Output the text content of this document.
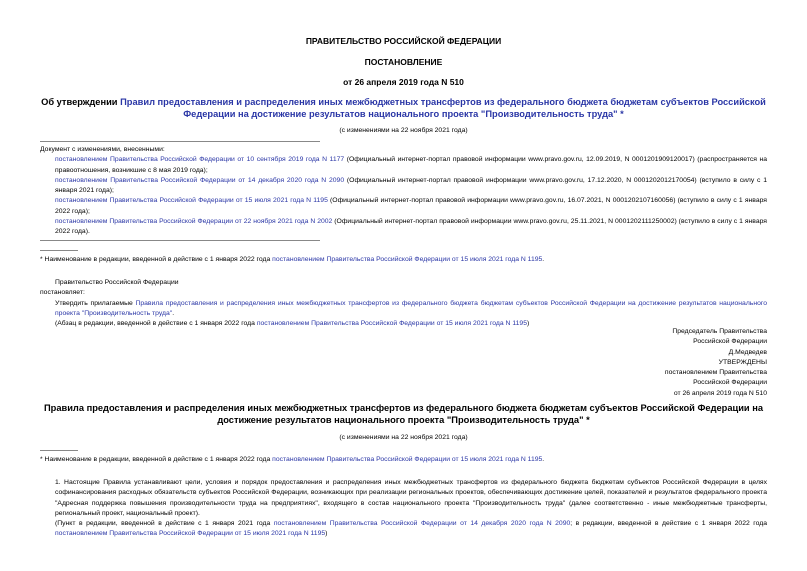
ПРАВИТЕЛЬСТВО РОССИЙСКОЙ ФЕДЕРАЦИИ
ПОСТАНОВЛЕНИЕ
от 26 апреля 2019 года N 510
Об утверждении Правил предоставления и распределения иных межбюджетных трансфертов из федерального бюджета бюджетам субъектов Российской Федерации на достижение результатов национального проекта "Производительность труда" *
(с изменениями на 22 ноября 2021 года)
Документ с изменениями, внесенными:
постановлением Правительства Российской Федерации от 10 сентября 2019 года N 1177 (Официальный интернет-портал правовой информации www.pravo.gov.ru, 12.09.2019, N 0001201909120017) (распространяется на правоотношения, возникшие с 8 мая 2019 года);
постановлением Правительства Российской Федерации от 14 декабря 2020 года N 2090 (Официальный интернет-портал правовой информации www.pravo.gov.ru, 17.12.2020, N 0001202012170054) (вступило в силу с 1 января 2021 года);
постановлением Правительства Российской Федерации от 15 июля 2021 года N 1195 (Официальный интернет-портал правовой информации www.pravo.gov.ru, 16.07.2021, N 0001202107160056) (вступило в силу с 1 января 2022 года);
постановлением Правительства Российской Федерации от 22 ноября 2021 года N 2002 (Официальный интернет-портал правовой информации www.pravo.gov.ru, 25.11.2021, N 0001202111250002) (вступило в силу с 1 января 2022 года).
* Наименование в редакции, введенной в действие с 1 января 2022 года постановлением Правительства Российской Федерации от 15 июля 2021 года N 1195.
Правительство Российской Федерации
постановляет:
Утвердить прилагаемые Правила предоставления и распределения иных межбюджетных трансфертов из федерального бюджета бюджетам субъектов Российской Федерации на достижение результатов национального проекта "Производительность труда".
(Абзац в редакции, введенной в действие с 1 января 2022 года постановлением Правительства Российской Федерации от 15 июля 2021 года N 1195)
Председатель Правительства
Российской Федерации
Д.Медведев
УТВЕРЖДЕНЫ
постановлением Правительства
Российской Федерации
от 26 апреля 2019 года N 510
Правила предоставления и распределения иных межбюджетных трансфертов из федерального бюджета бюджетам субъектов Российской Федерации на достижение результатов национального проекта "Производительность труда" *
(с изменениями на 22 ноября 2021 года)
* Наименование в редакции, введенной в действие с 1 января 2022 года постановлением Правительства Российской Федерации от 15 июля 2021 года N 1195.
1. Настоящие Правила устанавливают цели, условия и порядок предоставления и распределения иных межбюджетных трансфертов из федерального бюджета бюджетам субъектов Российской Федерации в целях софинансирования расходных обязательств субъектов Российской Федерации, возникающих при реализации региональных проектов, обеспечивающих достижение целей, показателей и результатов федерального проекта "Адресная поддержка повышения производительности труда на предприятиях", входящего в состав национального проекта "Производительность труда" (далее соответственно - иные межбюджетные трансферты, региональный проект, национальный проект).
(Пункт в редакции, введенной в действие с 1 января 2021 года постановлением Правительства Российской Федерации от 14 декабря 2020 года N 2090; в редакции, введенной в действие с 1 января 2022 года постановлением Правительства Российской Федерации от 15 июля 2021 года N 1195)
